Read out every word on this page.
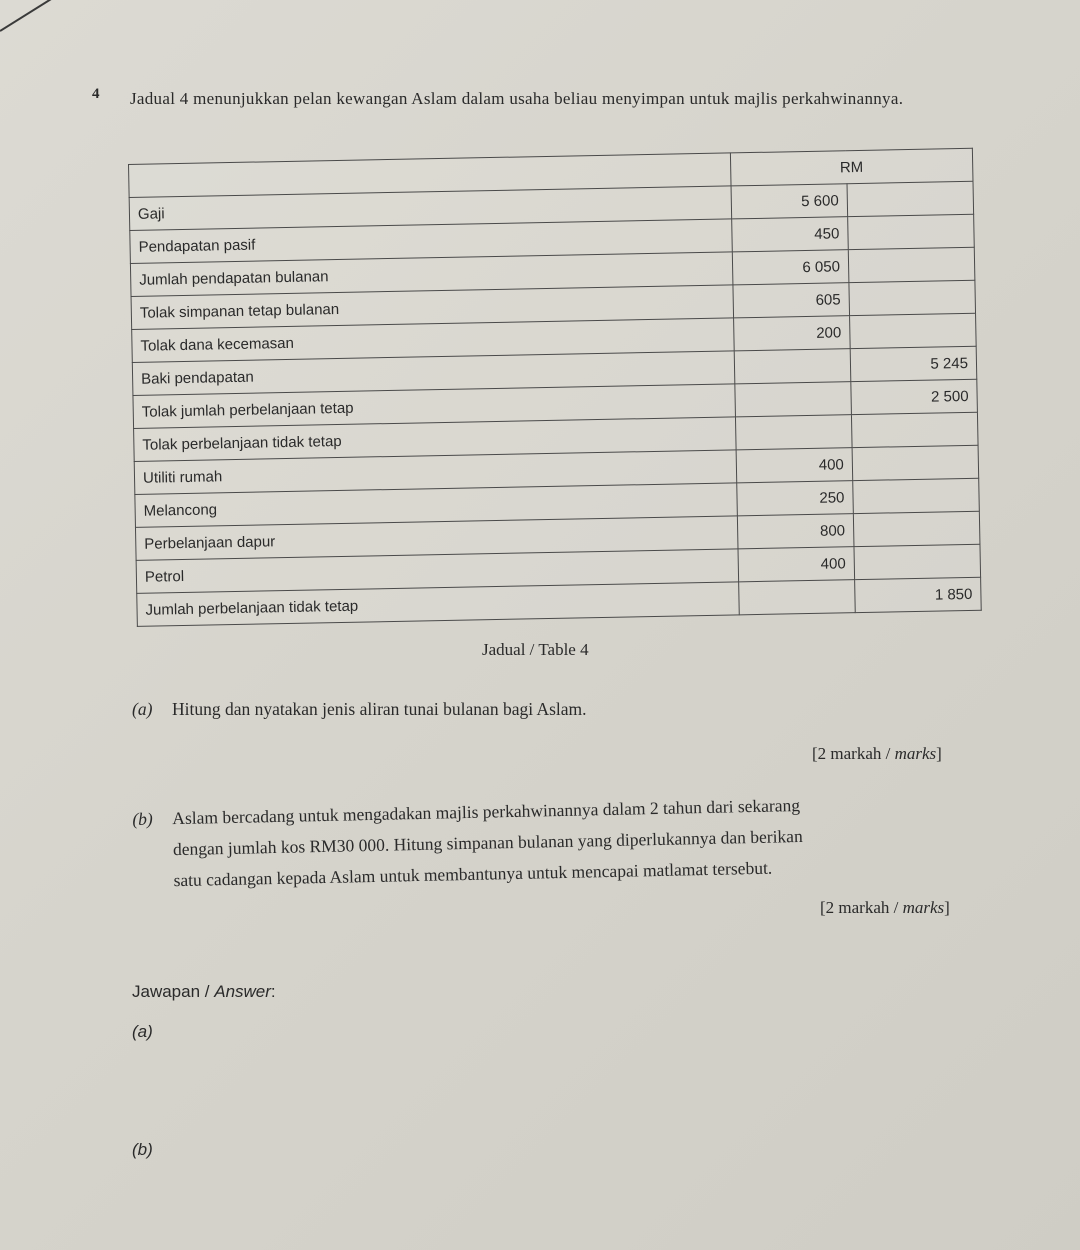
4 Jadual 4 menunjukkan pelan kewangan Aslam dalam usaha beliau menyimpan untuk majlis perkahwinannya.
	RM	
Gaji	5 600	
Pendapatan pasif	450	
Jumlah pendapatan bulanan	6 050	
Tolak simpanan tetap bulanan	605	
Tolak dana kecemasan	200	
Baki pendapatan		5 245
Tolak jumlah perbelanjaan tetap		2 500
Tolak perbelanjaan tidak tetap		
Utiliti rumah	400	
Melancong	250	
Perbelanjaan dapur	800	
Petrol	400	
Jumlah perbelanjaan tidak tetap		1 850
Jadual / Table 4
(a) Hitung dan nyatakan jenis aliran tunai bulanan bagi Aslam.
[2 markah / marks]
(b) Aslam bercadang untuk mengadakan majlis perkahwinannya dalam 2 tahun dari sekarang
dengan jumlah kos RM30 000. Hitung simpanan bulanan yang diperlukannya dan berikan
satu cadangan kepada Aslam untuk membantunya untuk mencapai matlamat tersebut.
[2 markah / marks]
Jawapan / Answer:
(a)
(b)
